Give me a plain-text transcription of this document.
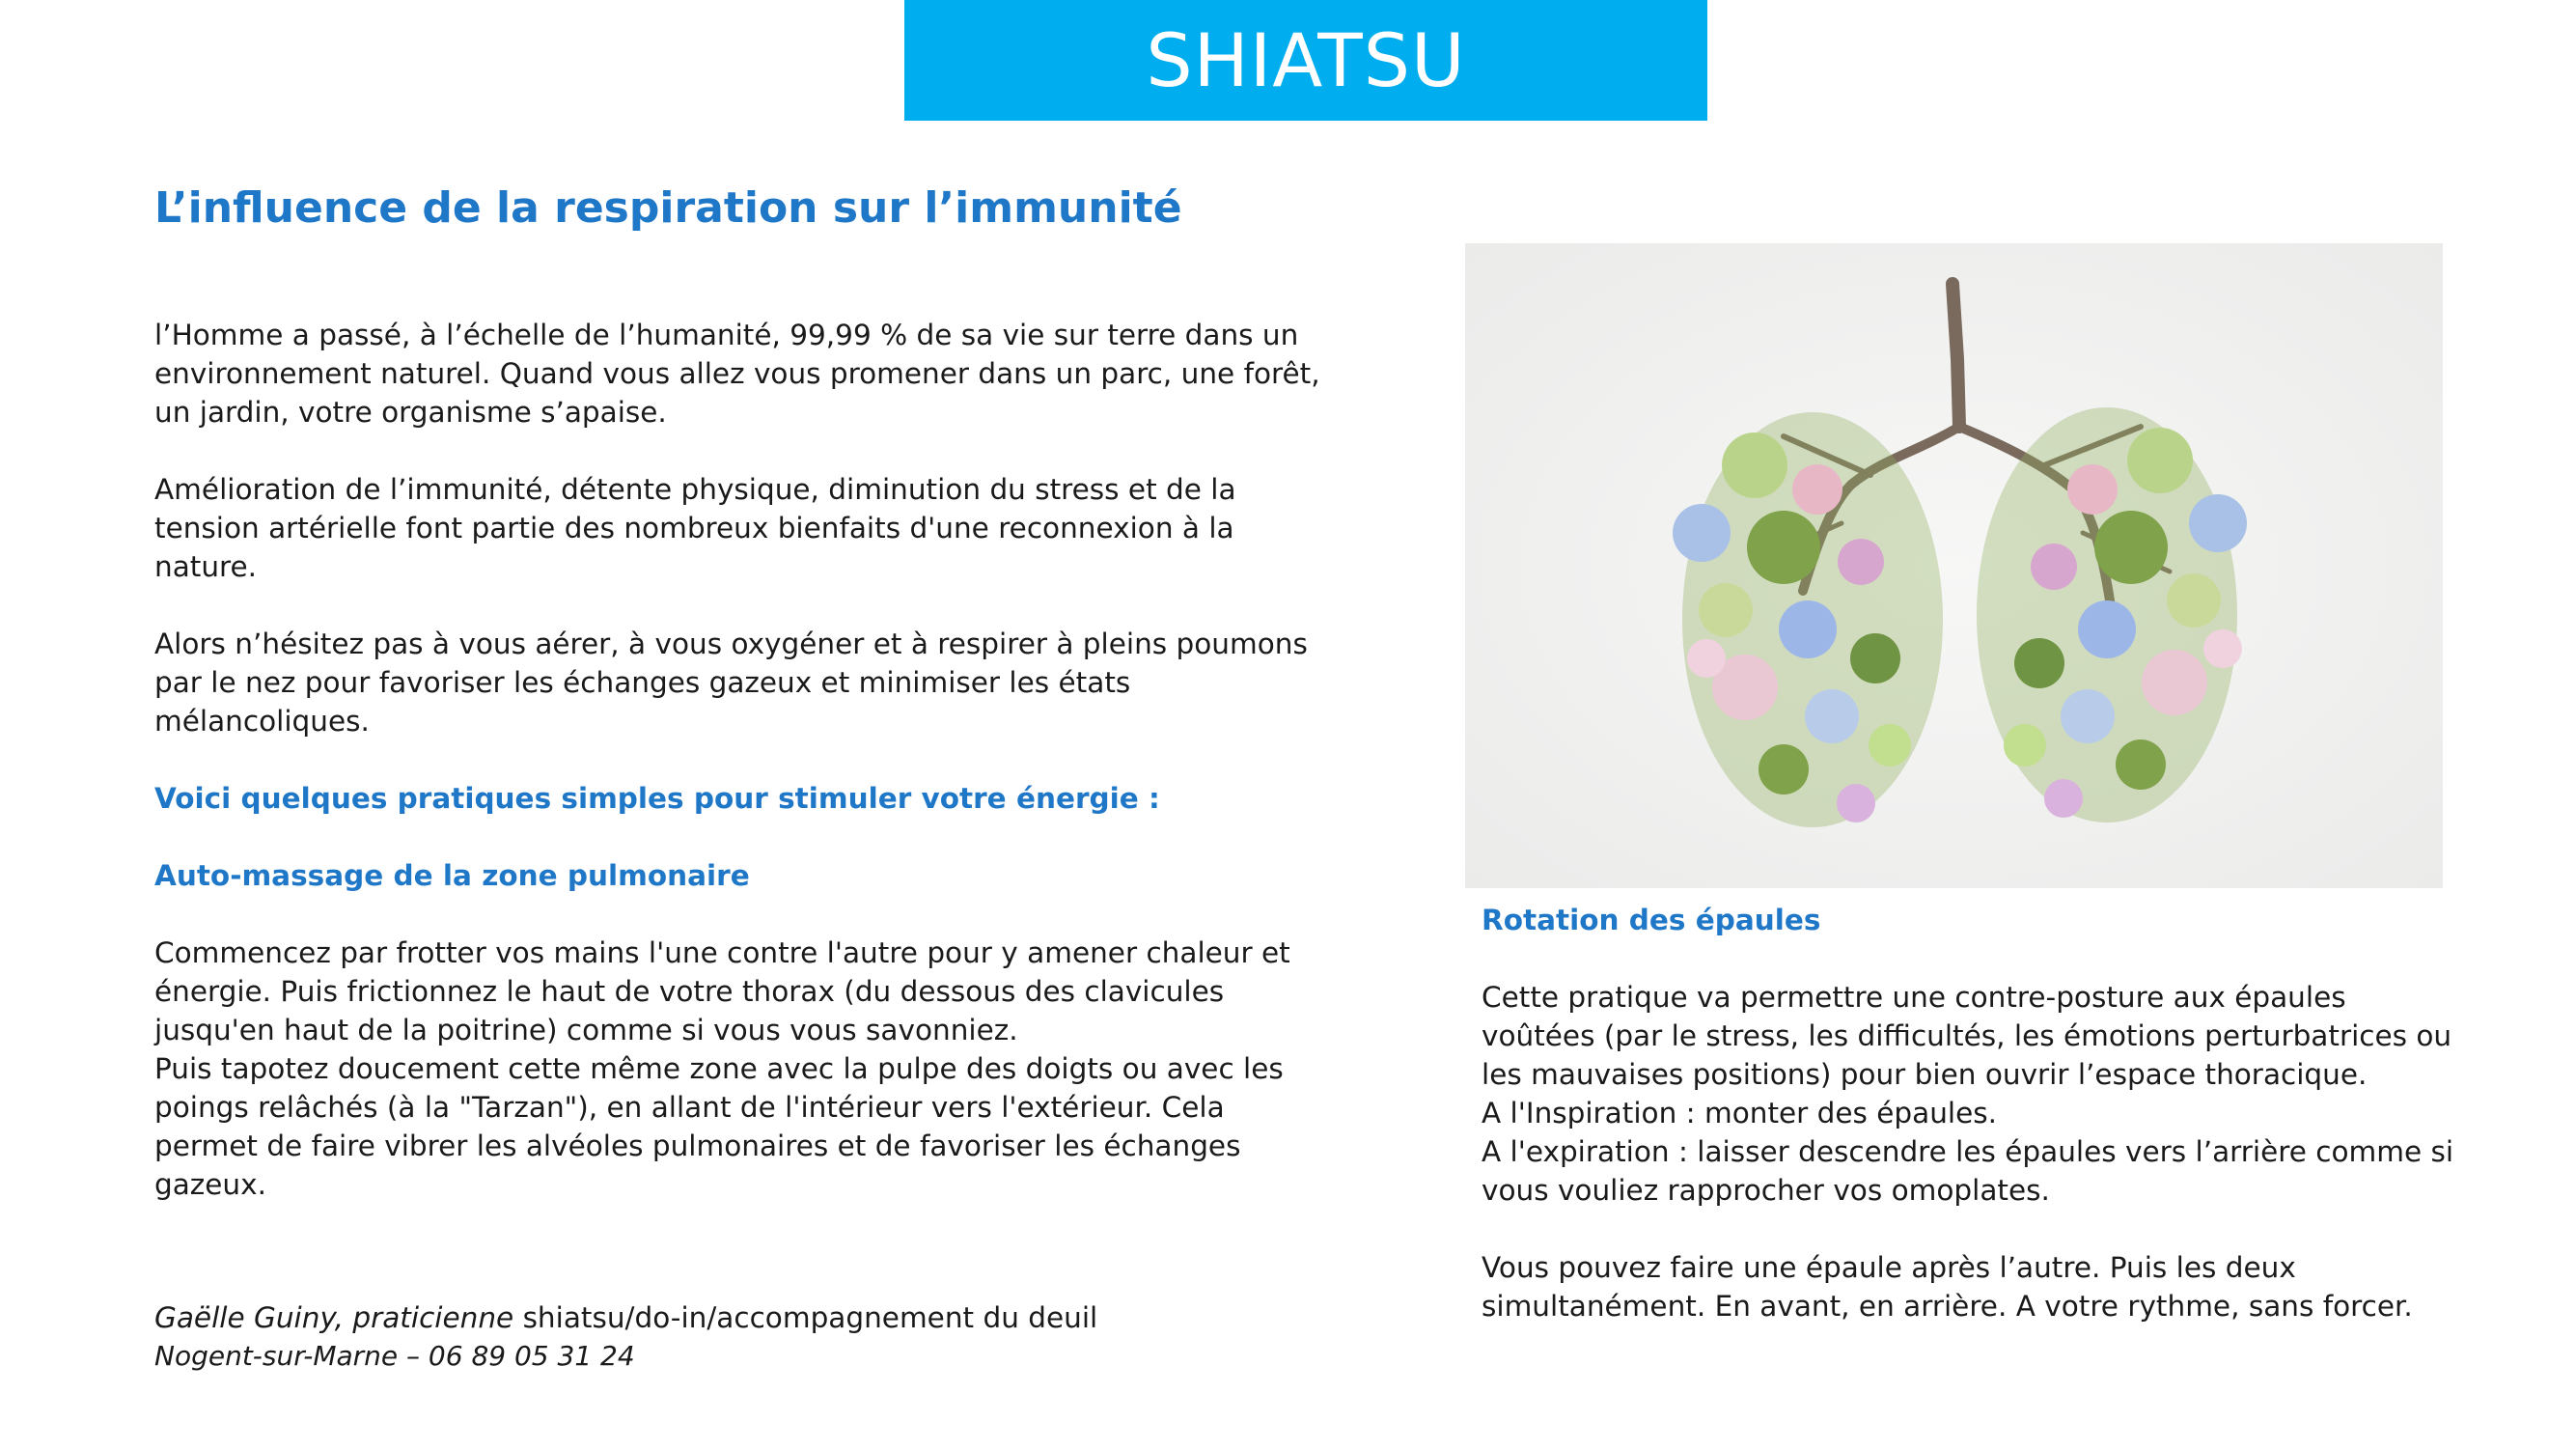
SHIATSU
L’influence de la respiration sur l’immunité

l’Homme a passé, à l’échelle de l’humanité, 99,99 % de sa vie sur terre dans un

environnement naturel. Quand vous allez vous promener dans un parc, une forêt,

un jardin, votre organisme s’apaise.

Amélioration de l’immunité, détente physique, diminution du stress et de la

tension artérielle font partie des nombreux bienfaits d'une reconnexion à la

nature.

Alors n’hésitez pas à vous aérer, à vous oxygéner et à respirer à pleins poumons

par le nez pour favoriser les échanges gazeux et minimiser les états

mélancoliques.

Voici quelques pratiques simples pour stimuler votre énergie :

Auto-massage de la zone pulmonaire

Commencez par frotter vos mains l'une contre l'autre pour y amener chaleur et

énergie. Puis frictionnez le haut de votre thorax (du dessous des clavicules

jusqu'en haut de la poitrine) comme si vous vous savonniez.

Puis tapotez doucement cette même zone avec la pulpe des doigts ou avec les

poings relâchés (à la "Tarzan"), en allant de l'intérieur vers l'extérieur. Cela

permet de faire vibrer les alvéoles pulmonaires et de favoriser les échanges

gazeux.

Gaëlle Guiny, praticienne shiatsu/do-in/accompagnement du deuil
Nogent-sur-Marne – 06 89 05 31 24

Rotation des épaules

Cette pratique va permettre une contre-posture aux épaules

voûtées (par le stress, les difficultés, les émotions perturbatrices ou

les mauvaises positions) pour bien ouvrir l’espace thoracique.

A l'Inspiration : monter des épaules.

A l'expiration : laisser descendre les épaules vers l’arrière comme si

vous vouliez rapprocher vos omoplates.

Vous pouvez faire une épaule après l’autre. Puis les deux

simultanément. En avant, en arrière. A votre rythme, sans forcer.
